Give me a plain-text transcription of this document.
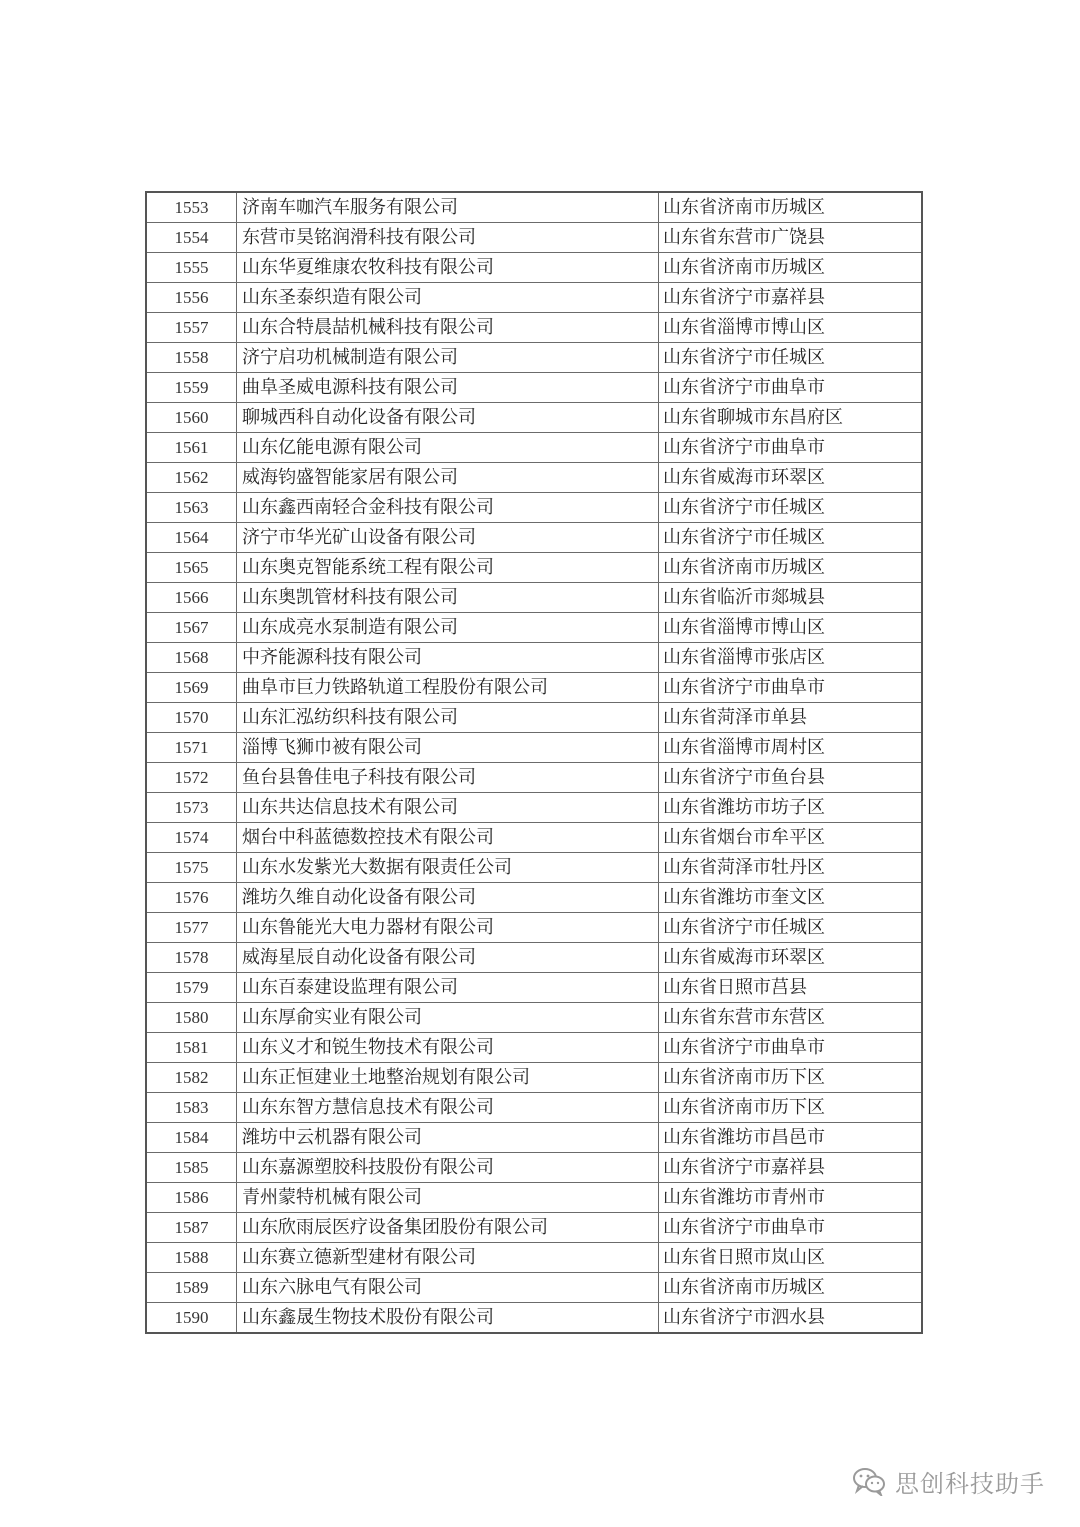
1553	济南车咖汽车服务有限公司	山东省济南市历城区
1554	东营市昊铭润滑科技有限公司	山东省东营市广饶县
1555	山东华夏维康农牧科技有限公司	山东省济南市历城区
1556	山东圣泰织造有限公司	山东省济宁市嘉祥县
1557	山东合特晨喆机械科技有限公司	山东省淄博市博山区
1558	济宁启功机械制造有限公司	山东省济宁市任城区
1559	曲阜圣威电源科技有限公司	山东省济宁市曲阜市
1560	聊城西科自动化设备有限公司	山东省聊城市东昌府区
1561	山东亿能电源有限公司	山东省济宁市曲阜市
1562	威海钧盛智能家居有限公司	山东省威海市环翠区
1563	山东鑫西南轻合金科技有限公司	山东省济宁市任城区
1564	济宁市华光矿山设备有限公司	山东省济宁市任城区
1565	山东奥克智能系统工程有限公司	山东省济南市历城区
1566	山东奥凯管材科技有限公司	山东省临沂市郯城县
1567	山东成亮水泵制造有限公司	山东省淄博市博山区
1568	中齐能源科技有限公司	山东省淄博市张店区
1569	曲阜市巨力铁路轨道工程股份有限公司	山东省济宁市曲阜市
1570	山东汇泓纺织科技有限公司	山东省菏泽市单县
1571	淄博飞狮巾被有限公司	山东省淄博市周村区
1572	鱼台县鲁佳电子科技有限公司	山东省济宁市鱼台县
1573	山东共达信息技术有限公司	山东省潍坊市坊子区
1574	烟台中科蓝德数控技术有限公司	山东省烟台市牟平区
1575	山东水发紫光大数据有限责任公司	山东省菏泽市牡丹区
1576	潍坊久维自动化设备有限公司	山东省潍坊市奎文区
1577	山东鲁能光大电力器材有限公司	山东省济宁市任城区
1578	威海星辰自动化设备有限公司	山东省威海市环翠区
1579	山东百泰建设监理有限公司	山东省日照市莒县
1580	山东厚俞实业有限公司	山东省东营市东营区
1581	山东义才和锐生物技术有限公司	山东省济宁市曲阜市
1582	山东正恒建业土地整治规划有限公司	山东省济南市历下区
1583	山东东智方慧信息技术有限公司	山东省济南市历下区
1584	潍坊中云机器有限公司	山东省潍坊市昌邑市
1585	山东嘉源塑胶科技股份有限公司	山东省济宁市嘉祥县
1586	青州蒙特机械有限公司	山东省潍坊市青州市
1587	山东欣雨辰医疗设备集团股份有限公司	山东省济宁市曲阜市
1588	山东赛立德新型建材有限公司	山东省日照市岚山区
1589	山东六脉电气有限公司	山东省济南市历城区
1590	山东鑫晟生物技术股份有限公司	山东省济宁市泗水县
思创科技助手
